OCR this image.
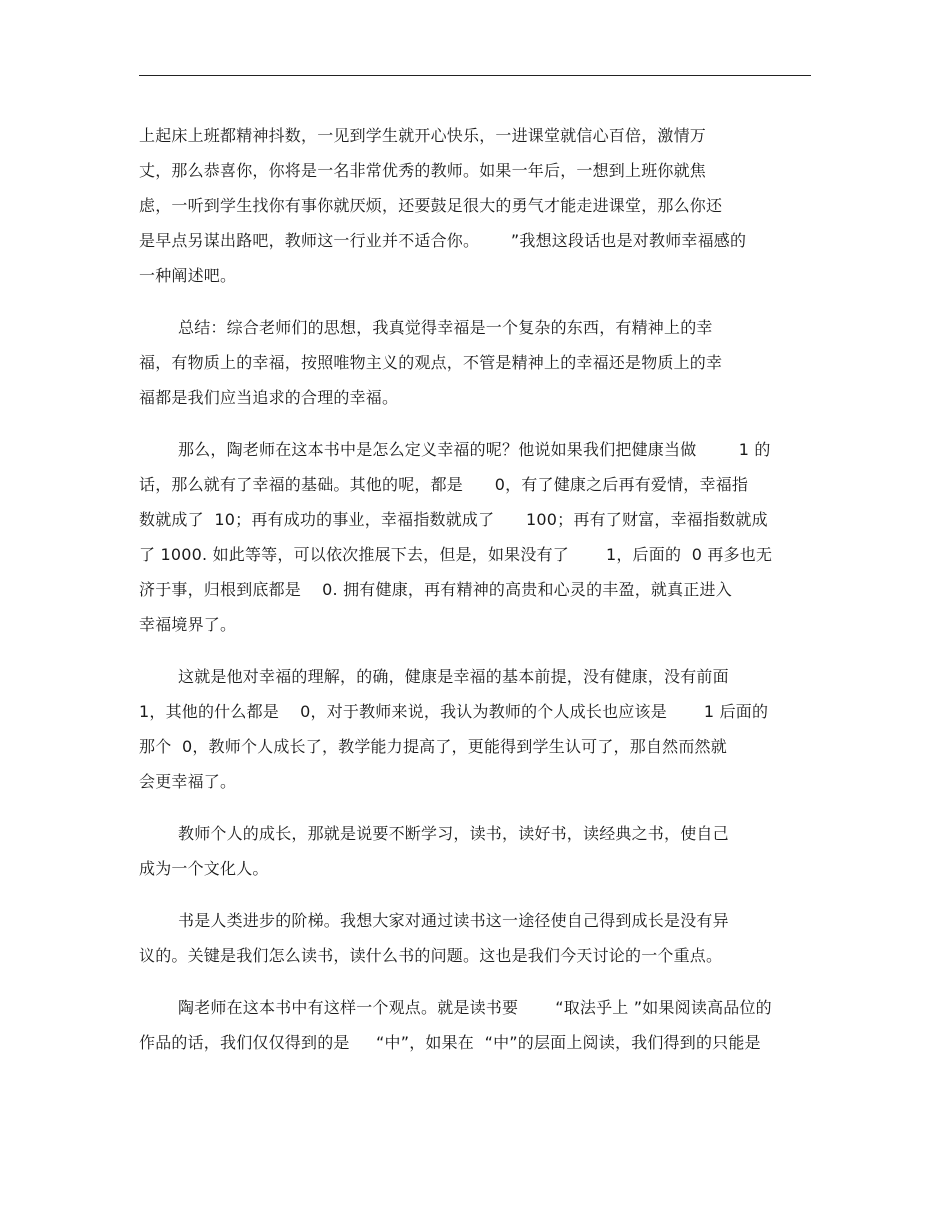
上起床上班都精神抖数，一见到学生就开心快乐，一进课堂就信心百倍，激情万
丈，那么恭喜你，你将是一名非常优秀的教师。如果一年后，一想到上班你就焦
虑，一听到学生找你有事你就厌烦，还要鼓足很大的勇气才能走进课堂，那么你还
是早点另谋出路吧，教师这一行业并不适合你。      ”我想这段话也是对教师幸福感的
一种阐述吧。
总结：综合老师们的思想，我真觉得幸福是一个复杂的东西，有精神上的幸
福，有物质上的幸福，按照唯物主义的观点，不管是精神上的幸福还是物质上的幸
福都是我们应当追求的合理的幸福。
那么，陶老师在这本书中是怎么定义幸福的呢？他说如果我们把健康当做        1 的
话，那么就有了幸福的基础。其他的呢，都是      0，有了健康之后再有爱情，幸福指
数就成了  10；再有成功的事业，幸福指数就成了      100；再有了财富，幸福指数就成
了 1000. 如此等等，可以依次推展下去，但是，如果没有了       1，后面的  0 再多也无
济于事，归根到底都是    0. 拥有健康，再有精神的高贵和心灵的丰盈，就真正进入
幸福境界了。
这就是他对幸福的理解，的确，健康是幸福的基本前提，没有健康，没有前面
1，其他的什么都是    0，对于教师来说，我认为教师的个人成长也应该是       1 后面的
那个  0，教师个人成长了，教学能力提高了，更能得到学生认可了，那自然而然就
会更幸福了。
教师个人的成长，那就是说要不断学习，读书，读好书，读经典之书，使自己
成为一个文化人。
书是人类进步的阶梯。我想大家对通过读书这一途径使自己得到成长是没有异
议的。关键是我们怎么读书，读什么书的问题。这也是我们今天讨论的一个重点。
陶老师在这本书中有这样一个观点。就是读书要       “取法乎上 ”如果阅读高品位的
作品的话，我们仅仅得到的是     “中”，如果在  “中”的层面上阅读，我们得到的只能是
